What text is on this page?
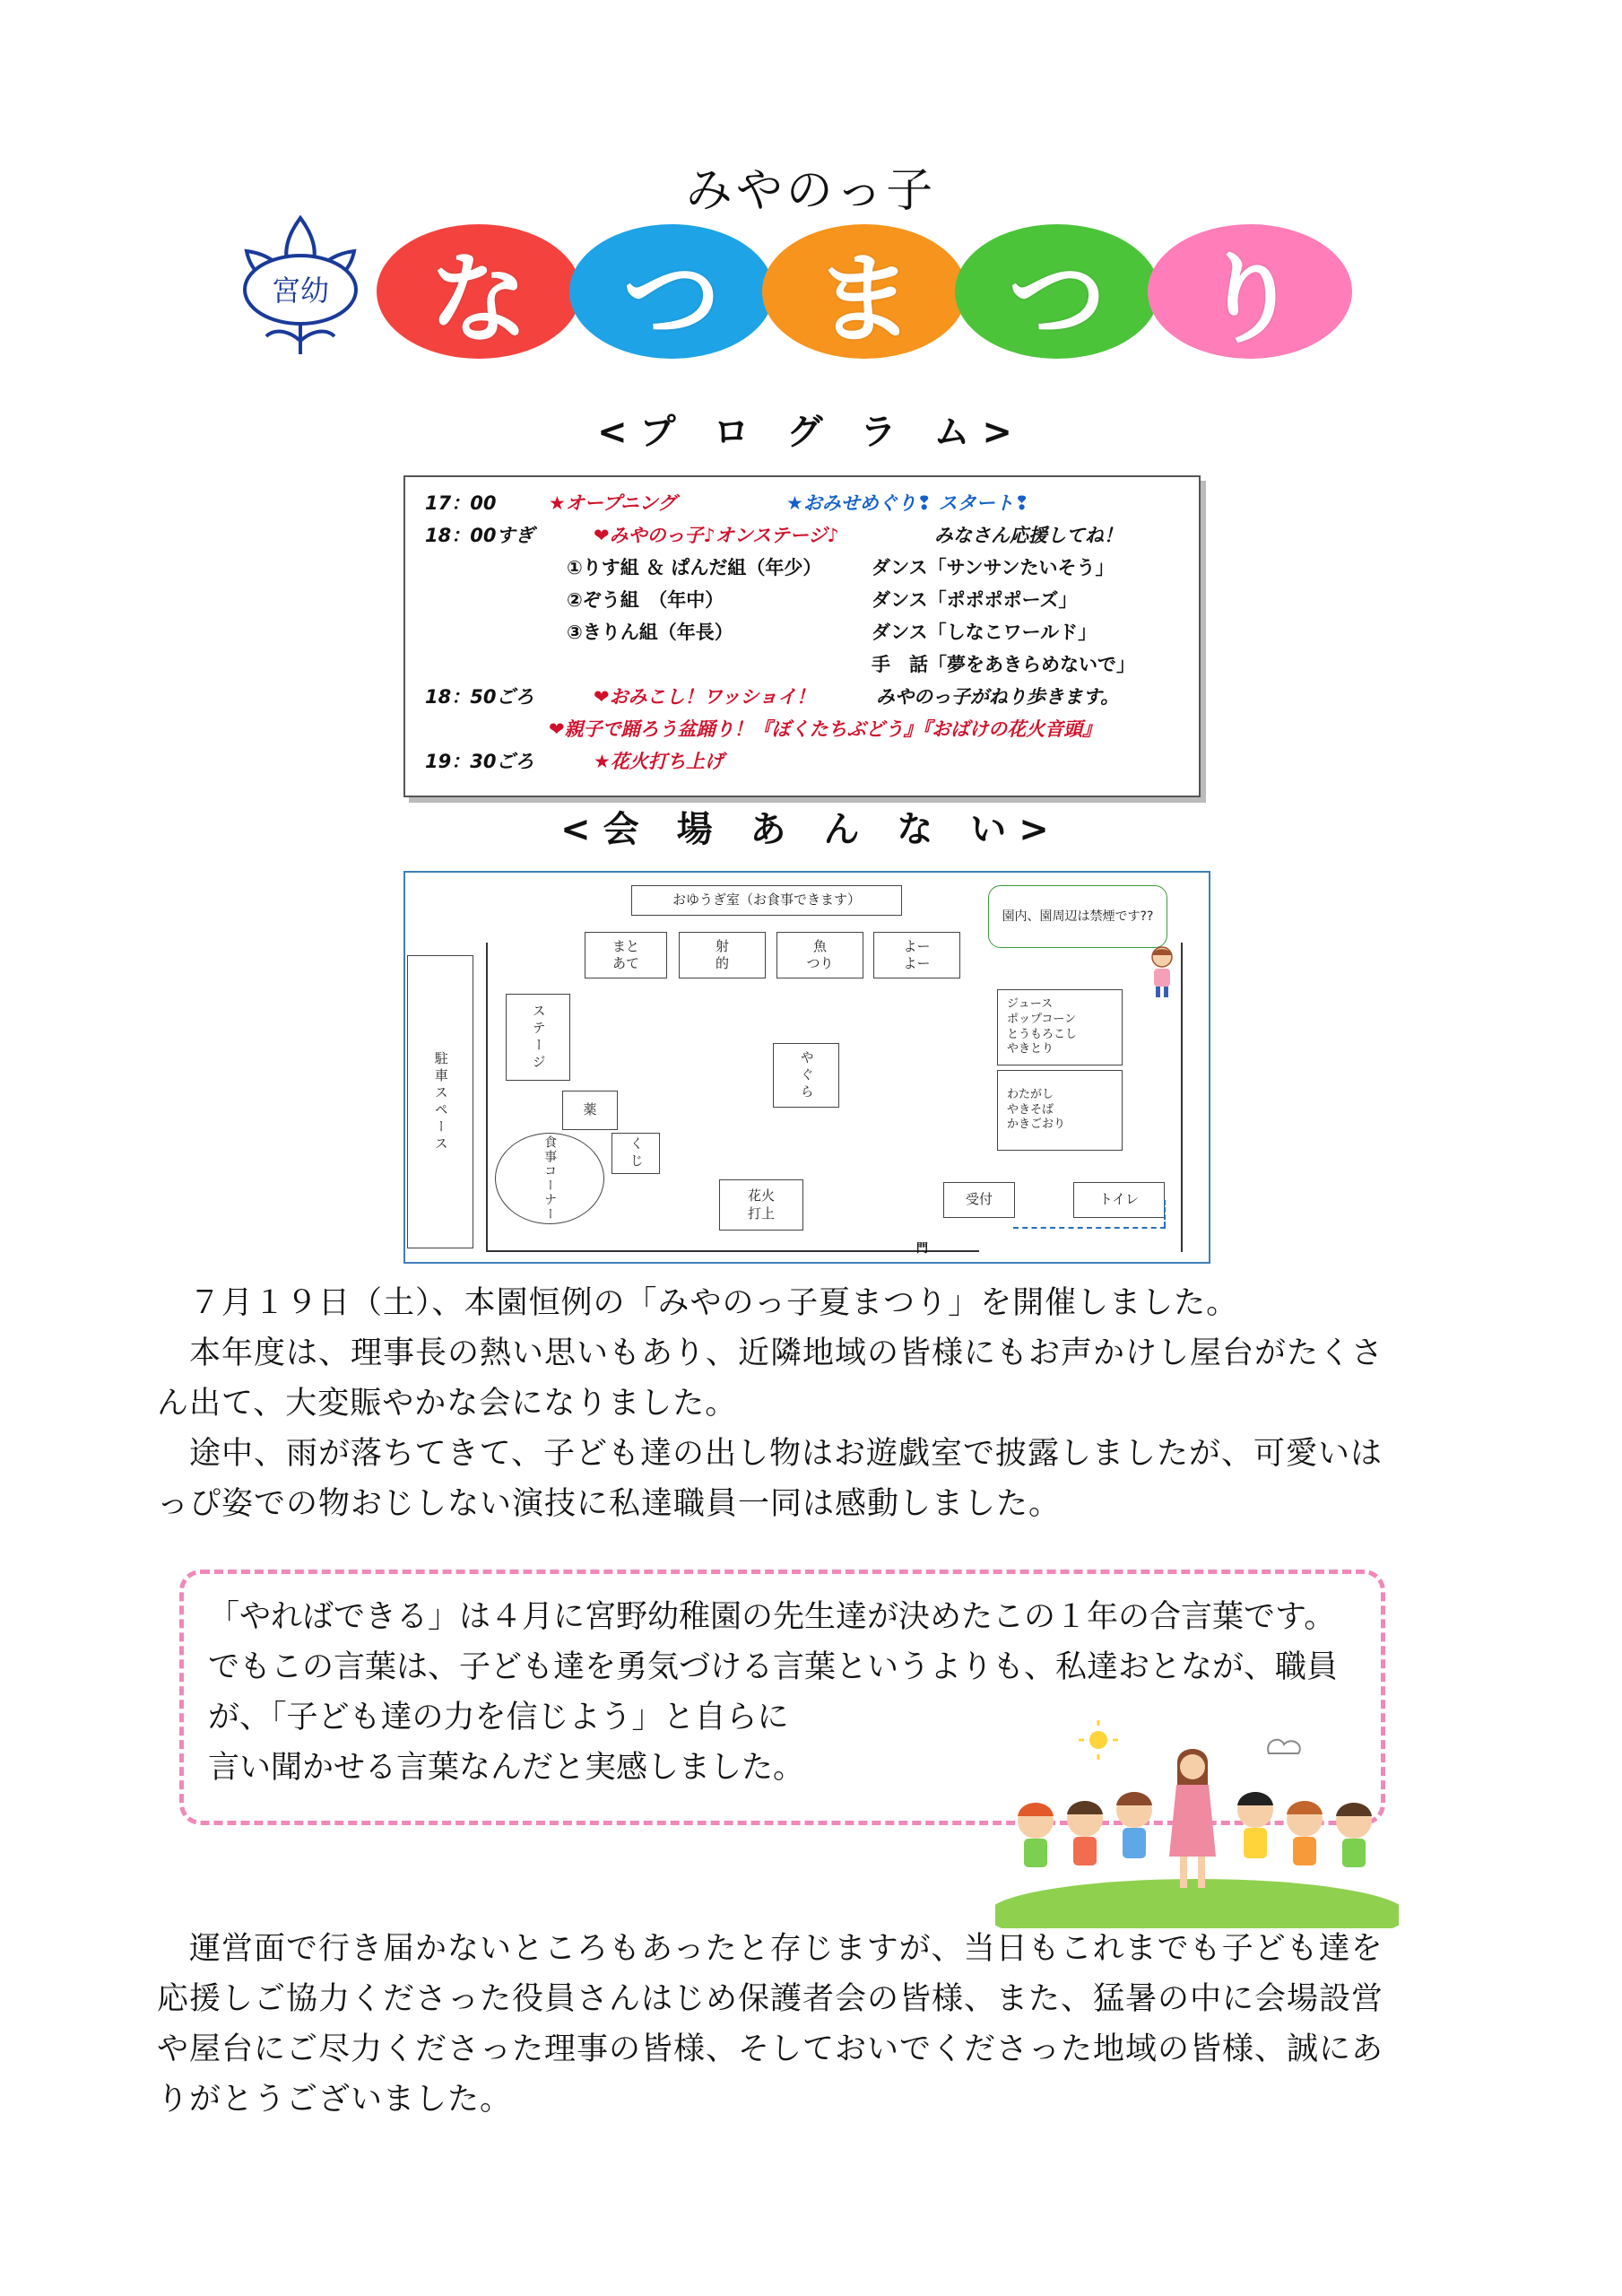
みやのっ子
宮幼	な つ ま つ り
<プ ロ グ ラ ム>
17：00	★オープニング	★おみせめぐり❢ スタート❢
18：00すぎ	❤みやのっ子♪オンステージ♪	みなさん応援してね！
①りす組 ＆ ぱんだ組（年少）	ダンス「サンサンたいそう」
②ぞう組　（年中）	ダンス「ポポポポーズ」
③きりん組（年長）	ダンス「しなこワールド」
手　話「夢をあきらめないで」
18：50ごろ	❤おみこし！ワッショイ！	みやのっ子がねり歩きます。
❤親子で踊ろう盆踊り！『ぼくたちぶどう』『おばけの花火音頭』
19：30ごろ	★花火打ち上げ
<会 場 あ ん な い>
おゆうぎ室（お食事できます）
園内、園周辺は禁煙です??
まと
あて
射
的
魚
つり
よー
よー
駐車スペース
ステージ
やぐら
薬
くじ
食事コーナー	花火
打上
ジュース
ポップコーン
とうもろこし
やきとり
わたがし
やきそば
かきごおり
受付	トイレ
門
　７月１９日（土）、本園恒例の「みやのっ子夏まつり」を開催しました。
　本年度は、理事長の熱い思いもあり、近隣地域の皆様にもお声かけし屋台がたくさん出て、大変賑やかな会になりました。
　途中、雨が落ちてきて、子ども達の出し物はお遊戯室で披露しましたが、可愛いはっぴ姿での物おじしない演技に私達職員一同は感動しました。
「やればできる」は４月に宮野幼稚園の先生達が決めたこの１年の合言葉です。でもこの言葉は、子ども達を勇気づける言葉というよりも、私達おとなが、職員が、「子ども達の力を信じよう」と自らに
言い聞かせる言葉なんだと実感しました。
　運営面で行き届かないところもあったと存じますが、当日もこれまでも子ども達を応援しご協力くださった役員さんはじめ保護者会の皆様、また、猛暑の中に会場設営や屋台にご尽力くださった理事の皆様、そしておいでくださった地域の皆様、誠にありがとうございました。
